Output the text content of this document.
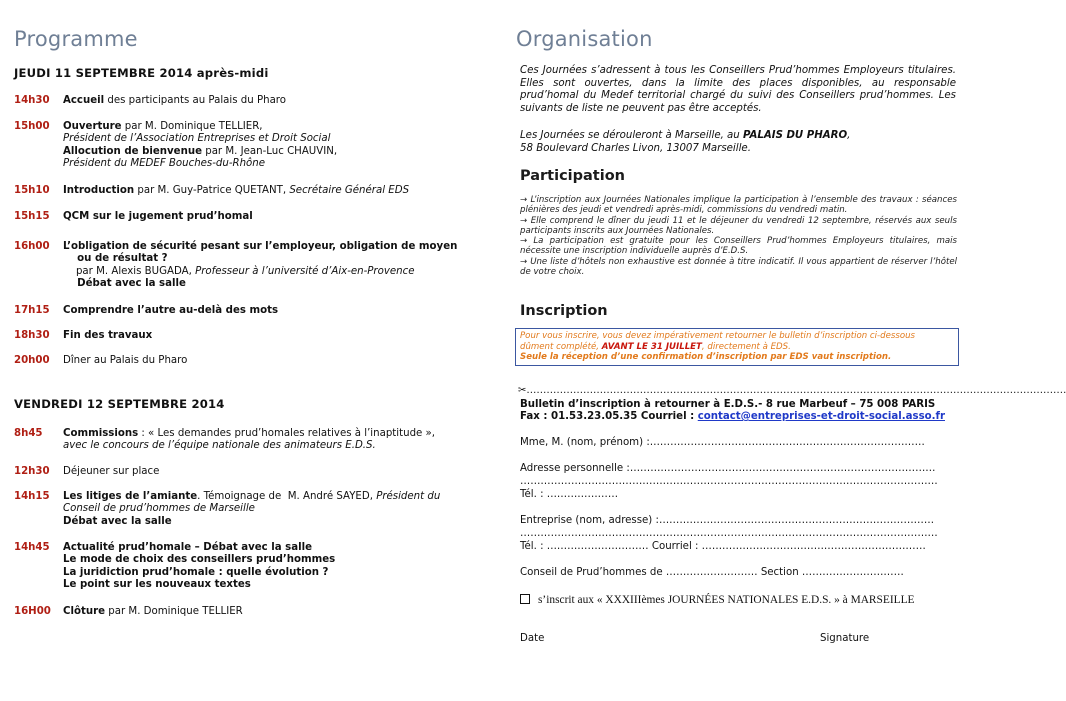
Programme
JEUDI 11 SEPTEMBRE 2014 après-midi
14h30 Accueil des participants au Palais du Pharo
15h00 Ouverture par M. Dominique TELLIER,
Président de l’Association Entreprises et Droit Social
Allocution de bienvenue par M. Jean-Luc CHAUVIN,
Président du MEDEF Bouches-du-Rhône
15h10 Introduction par M. Guy-Patrice QUETANT, Secrétaire Général EDS
15h15 QCM sur le jugement prud’homal
16h00 L’obligation de sécurité pesant sur l’employeur, obligation de moyen
ou de résultat ?
par M. Alexis BUGADA, Professeur à l’université d’Aix-en-Provence
Débat avec la salle
17h15 Comprendre l’autre au-delà des mots
18h30 Fin des travaux
20h00 Dîner au Palais du Pharo
VENDREDI 12 SEPTEMBRE 2014
8h45 Commissions : « Les demandes prud’homales relatives à l’inaptitude »,
avec le concours de l’équipe nationale des animateurs E.D.S.
12h30 Déjeuner sur place
14h15 Les litiges de l’amiante. Témoignage de  M. André SAYED, Président du
Conseil de prud’hommes de Marseille
Débat avec la salle
14h45 Actualité prud’homale – Débat avec la salle
Le mode de choix des conseillers prud’hommes
La juridiction prud’homale : quelle évolution ?
Le point sur les nouveaux textes
16H00 Clôture par M. Dominique TELLIER
Organisation
Ces Journées s’adressent à tous les Conseillers Prud’hommes Employeurs titulaires. Elles sont ouvertes, dans la limite des places disponibles, au responsable prud’homal du Medef territorial chargé du suivi des Conseillers prud’hommes. Les suivants de liste ne peuvent pas être acceptés.
Les Journées se dérouleront à Marseille, au PALAIS DU PHARO,
58 Boulevard Charles Livon, 13007 Marseille.
Participation
→ L’inscription aux Journées Nationales implique la participation à l’ensemble des travaux : séances plénières des jeudi et vendredi après-midi, commissions du vendredi matin.
→ Elle comprend le dîner du jeudi 11 et le déjeuner du vendredi 12 septembre, réservés aux seuls participants inscrits aux Journées Nationales.
→ La participation est gratuite pour les Conseillers Prud’hommes Employeurs titulaires, mais nécessite une inscription individuelle auprès d’E.D.S.
→ Une liste d’hôtels non exhaustive est donnée à titre indicatif. Il vous appartient de réserver l’hôtel de votre choix.
Inscription
Pour vous inscrire, vous devez impérativement retourner le bulletin d’inscription ci-dessous
dûment complété, AVANT LE 31 JUILLET, directement à EDS.
Seule la réception d’une confirmation d’inscription par EDS vaut inscription.
✂………………………………………………………………………………………………………………………………………………
Bulletin d’inscription à retourner à E.D.S.- 8 rue Marbeuf – 75 008 PARIS
Fax : 01.53.23.05.35 Courriel : contact@entreprises-et-droit-social.asso.fr
Mme, M. (nom, prénom) :………………………………………………………………………
Adresse personnelle :………………………………………………………………………………
……………………………………………………………………………………………………………
Tél. : …………………
Entreprise (nom, adresse) :………………………………………………………………………
……………………………………………………………………………………………………………
Tél. : ………………………… Courriel : …………………………………………………………
Conseil de Prud’hommes de ……………………… Section …………………………
s’inscrit aux « XXXIIIèmes JOURNÉES NATIONALES E.D.S. » à MARSEILLE
Date	Signature
